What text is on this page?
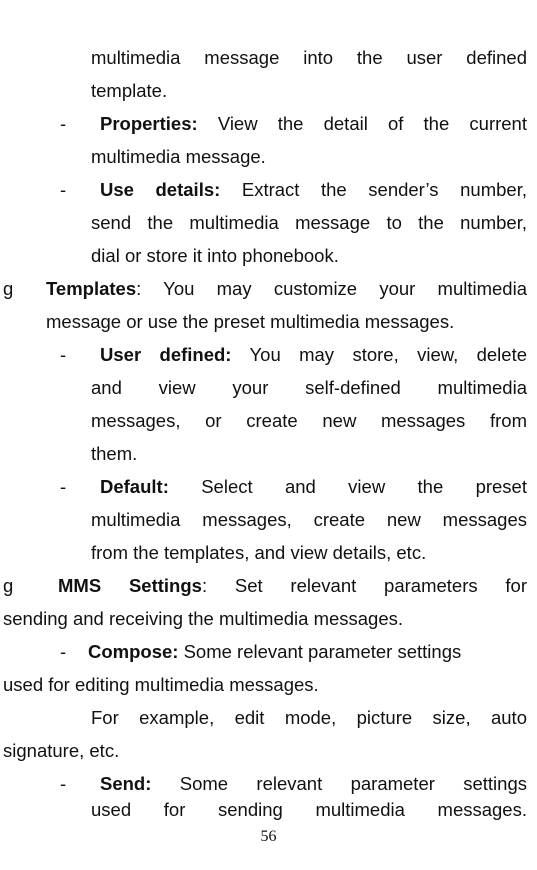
multimedia message into the user defined
template.
- Properties: View the detail of the current
multimedia message.
- Use details: Extract the sender’s number,
send the multimedia message to the number,
dial or store it into phonebook.
g Templates: You may customize your multimedia
message or use the preset multimedia messages.
- User defined: You may store, view, delete
and view your self-defined multimedia
messages, or create new messages from
them.
- Default: Select and view the preset
multimedia messages, create new messages
from the templates, and view details, etc.
g MMS Settings: Set relevant parameters for
sending and receiving the multimedia messages.
- Compose: Some relevant parameter settings
used for editing multimedia messages.
For example, edit mode, picture size, auto
signature, etc.
- Send: Some relevant parameter settings
used for sending multimedia messages.
56
